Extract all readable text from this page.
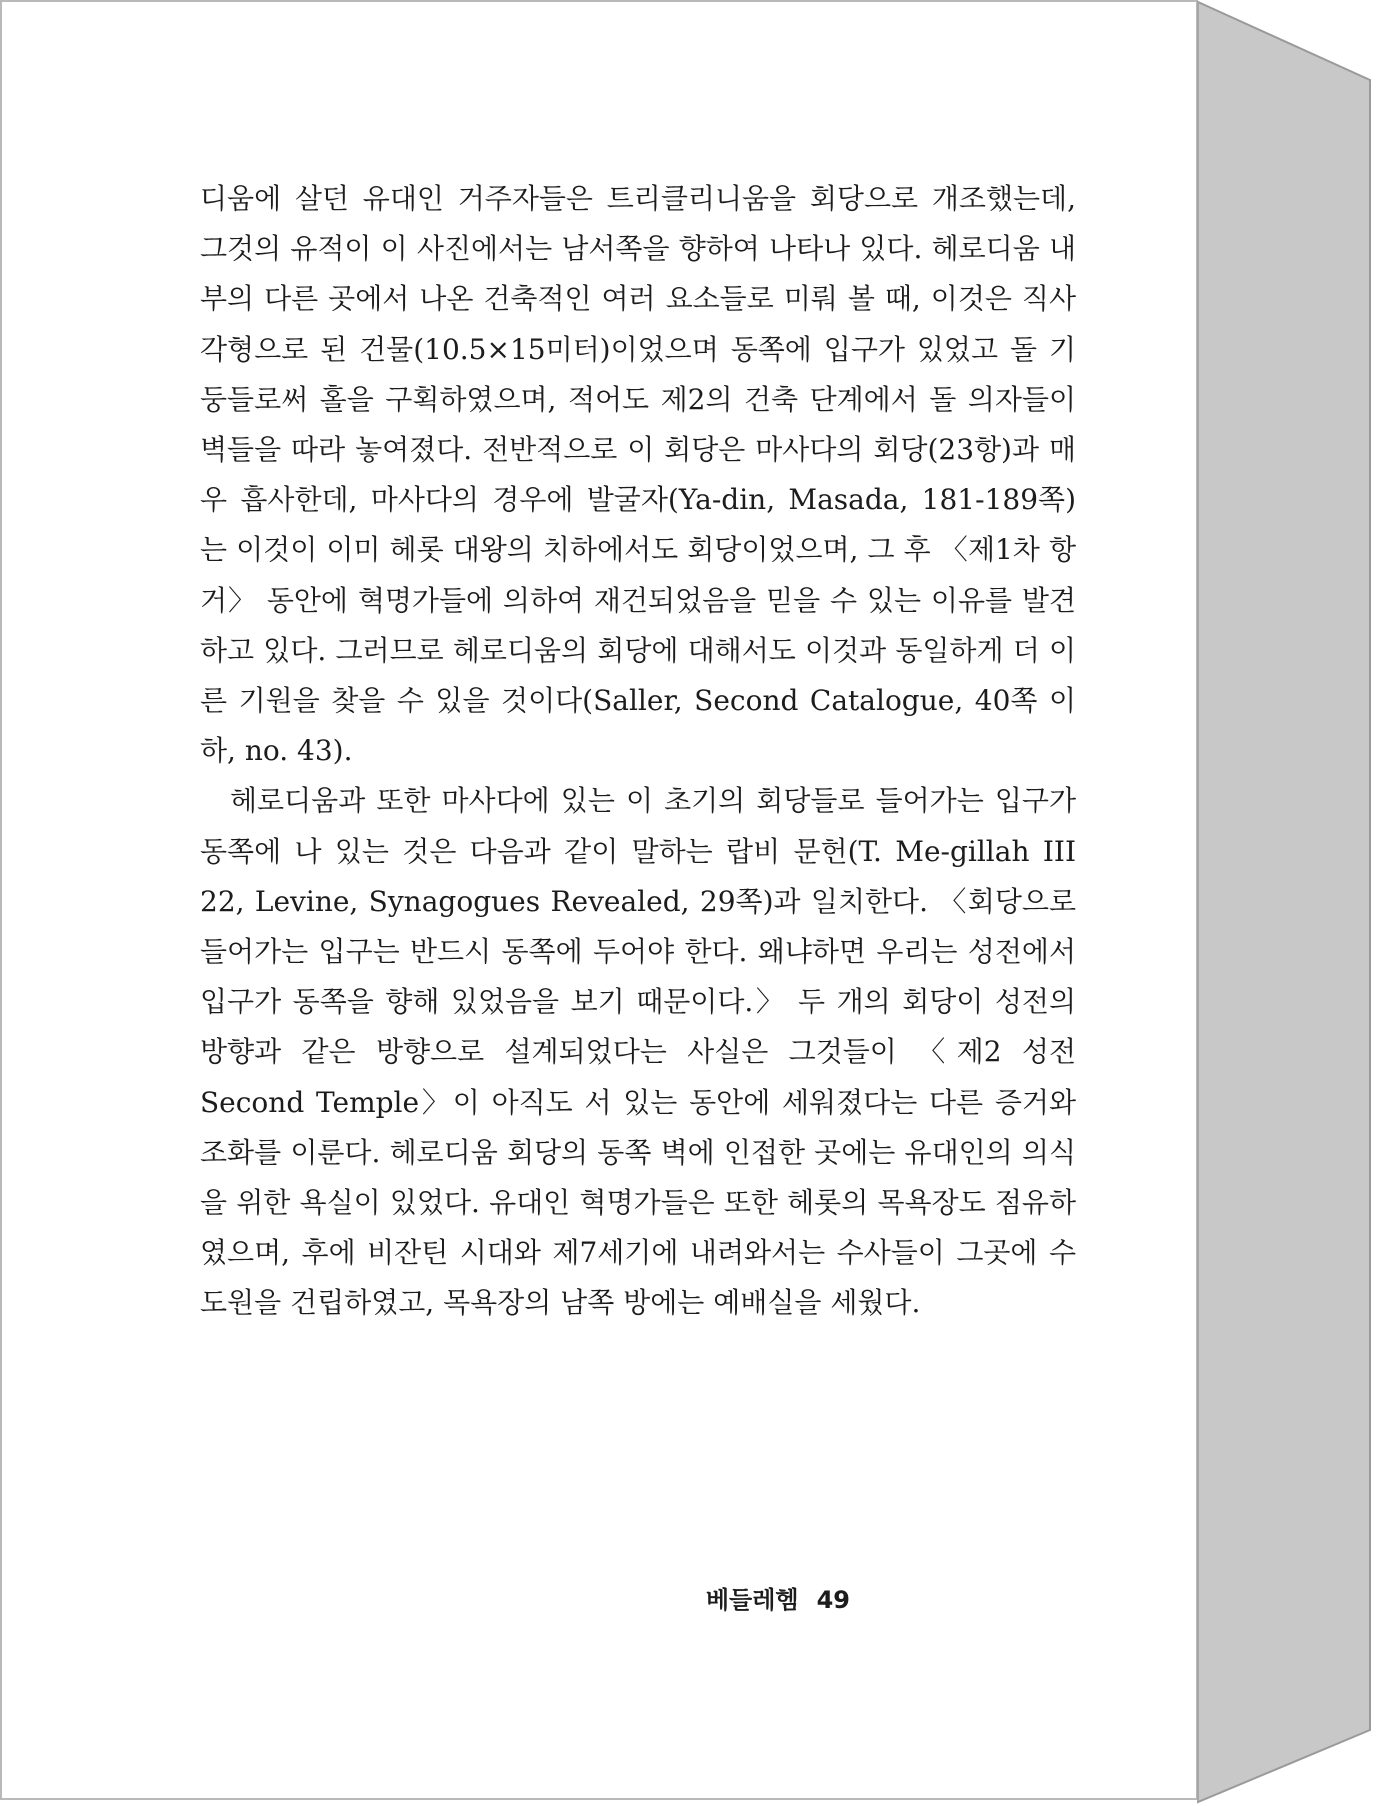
디움에 살던 유대인 거주자들은 트리클리니움을 회당으로 개조했는데, 그것의 유적이 이 사진에서는 남서쪽을 향하여 나타나 있다. 헤로디움 내부의 다른 곳에서 나온 건축적인 여러 요소들로 미뤄 볼 때, 이것은 직사각형으로 된 건물(10.5×15미터)이었으며 동쪽에 입구가 있었고 돌 기둥들로써 홀을 구획하였으며, 적어도 제2의 건축 단계에서 돌 의자들이 벽들을 따라 놓여졌다. 전반적으로 이 회당은 마사다의 회당(23항)과 매우 흡사한데, 마사다의 경우에 발굴자(Ya-din, Masada, 181-189쪽)는 이것이 이미 헤롯 대왕의 치하에서도 회당이었으며, 그 후 〈제1차 항거〉 동안에 혁명가들에 의하여 재건되었음을 믿을 수 있는 이유를 발견하고 있다. 그러므로 헤로디움의 회당에 대해서도 이것과 동일하게 더 이른 기원을 찾을 수 있을 것이다(Saller, Second Catalogue, 40쪽 이하, no. 43).

헤로디움과 또한 마사다에 있는 이 초기의 회당들로 들어가는 입구가 동쪽에 나 있는 것은 다음과 같이 말하는 랍비 문헌(T. Me-gillah III 22, Levine, Synagogues Revealed, 29쪽)과 일치한다. 〈회당으로 들어가는 입구는 반드시 동쪽에 두어야 한다. 왜냐하면 우리는 성전에서 입구가 동쪽을 향해 있었음을 보기 때문이다.〉 두 개의 회당이 성전의 방향과 같은 방향으로 설계되었다는 사실은 그것들이 〈제2 성전 Second Temple〉이 아직도 서 있는 동안에 세워졌다는 다른 증거와 조화를 이룬다. 헤로디움 회당의 동쪽 벽에 인접한 곳에는 유대인의 의식을 위한 욕실이 있었다. 유대인 혁명가들은 또한 헤롯의 목욕장도 점유하였으며, 후에 비잔틴 시대와 제7세기에 내려와서는 수사들이 그곳에 수도원을 건립하였고, 목욕장의 남쪽 방에는 예배실을 세웠다.

베들레헴 49
